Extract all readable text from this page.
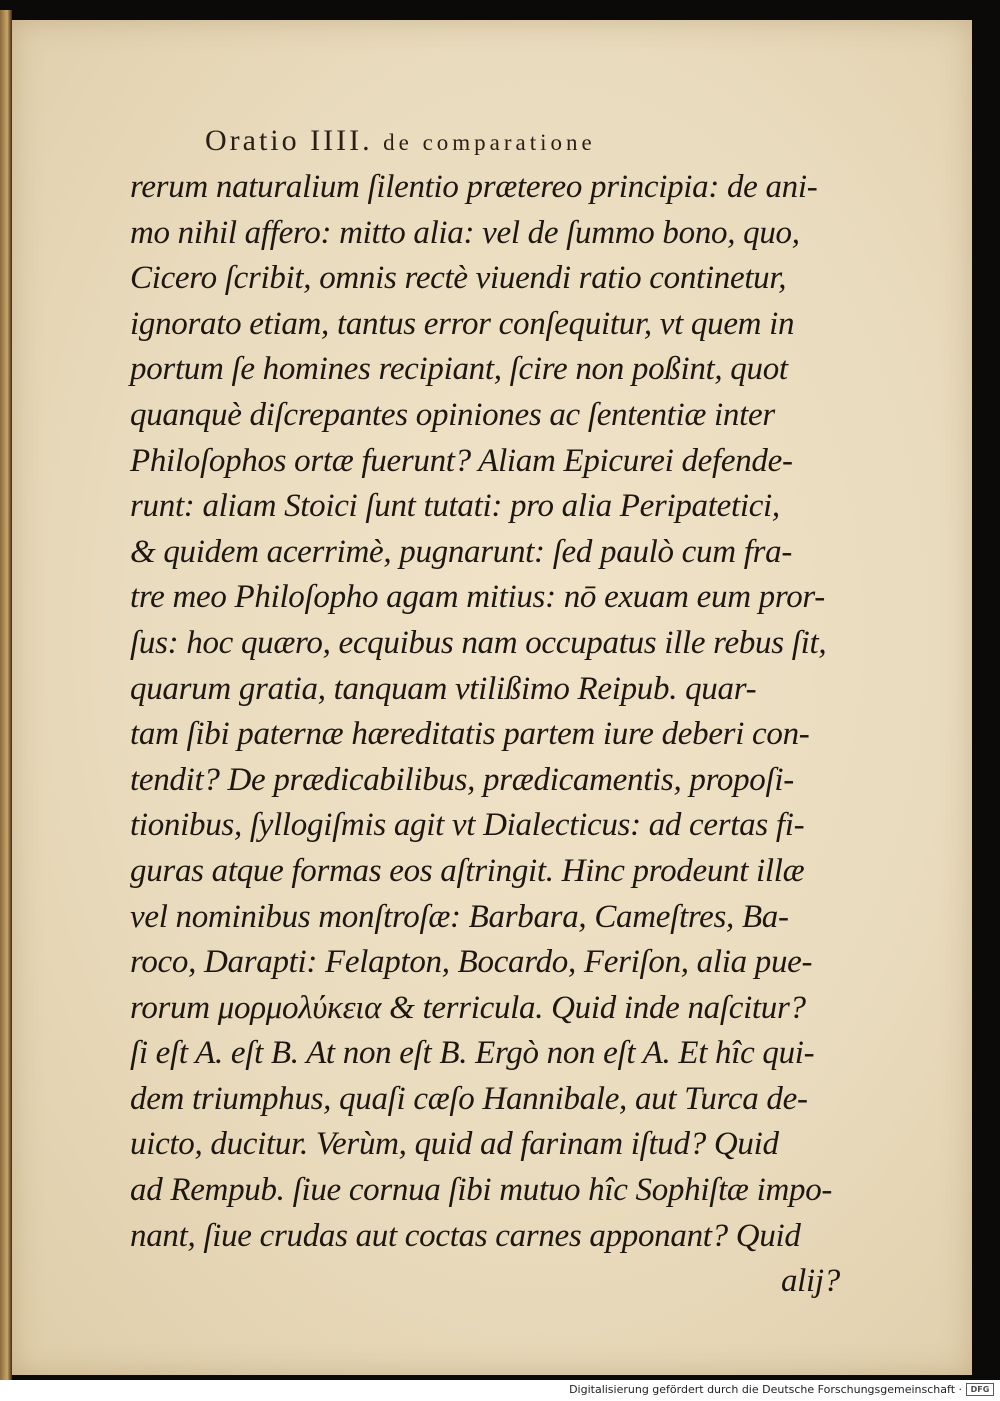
Oratio IIII. de comparatione
rerum naturalium ſilentio prætereo principia: de ani-
mo nihil affero: mitto alia: vel de ſummo bono, quo,
Cicero ſcribit, omnis rectè viuendi ratio continetur,
ignorato etiam, tantus error conſequitur, vt quem in
portum ſe homines recipiant, ſcire non poßint, quot
quanquè diſcrepantes opiniones ac ſententiæ inter
Philoſophos ortæ fuerunt? Aliam Epicurei defende-
runt: aliam Stoici ſunt tutati: pro alia Peripatetici,
& quidem acerrimè, pugnarunt: ſed paulò cum fra-
tre meo Philoſopho agam mitius: nō exuam eum pror-
ſus: hoc quæro, ecquibus nam occupatus ille rebus ſit,
quarum gratia, tanquam vtilißimo Reipub. quar-
tam ſibi paternæ hæreditatis partem iure deberi con-
tendit? De prædicabilibus, prædicamentis, propoſi-
tionibus, ſyllogiſmis agit vt Dialecticus: ad certas fi-
guras atque formas eos aſtringit. Hinc prodeunt illæ
vel nominibus monſtroſæ: Barbara, Cameſtres, Ba-
roco, Darapti: Felapton, Bocardo, Feriſon, alia pue-
rorum μορμολύκεια & terricula. Quid inde naſcitur?
ſi eſt A. eſt B. At non eſt B. Ergò non eſt A. Et hîc qui-
dem triumphus, quaſi cæſo Hannibale, aut Turca de-
uicto, ducitur. Verùm, quid ad farinam iſtud? Quid
ad Rempub. ſiue cornua ſibi mutuo hîc Sophiſtæ impo-
nant, ſiue crudas aut coctas carnes apponant? Quid
alij?
Digitalisierung gefördert durch die Deutsche Forschungsgemeinschaft ·	DFG
